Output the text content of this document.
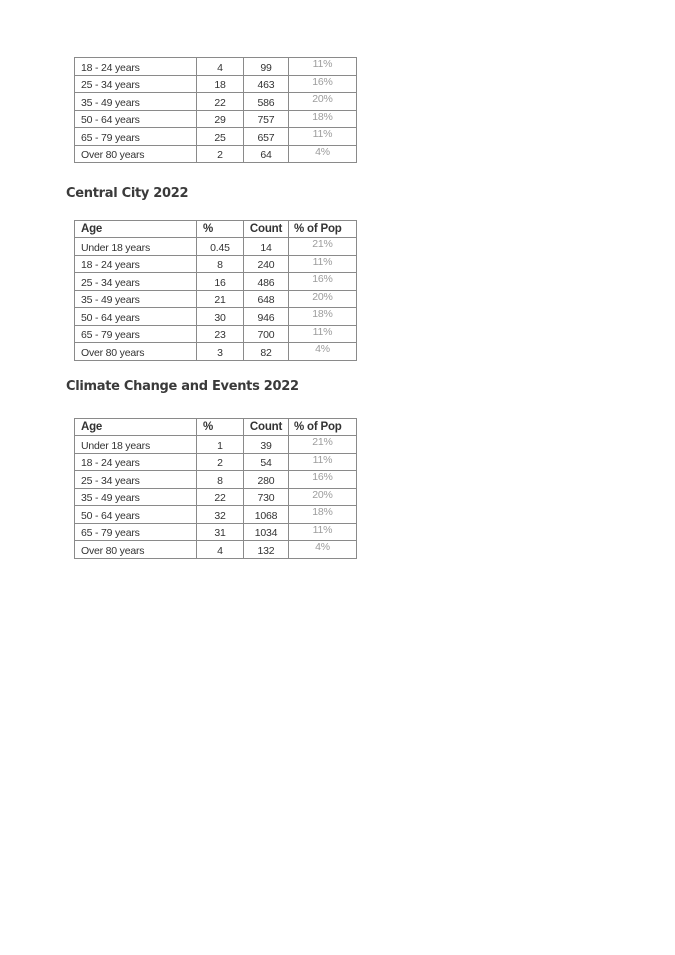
18 - 24 years	4	99	11%
25 - 34 years	18	463	16%
35 - 49 years	22	586	20%
50 - 64 years	29	757	18%
65 - 79 years	25	657	11%
Over 80 years	2	64	4%
Central City 2022
Age	%	Count	% of Pop
Under 18 years	0.45	14	21%
18 - 24 years	8	240	11%
25 - 34 years	16	486	16%
35 - 49 years	21	648	20%
50 - 64 years	30	946	18%
65 - 79 years	23	700	11%
Over 80 years	3	82	4%
Climate Change and Events 2022
Age	%	Count	% of Pop
Under 18 years	1	39	21%
18 - 24 years	2	54	11%
25 - 34 years	8	280	16%
35 - 49 years	22	730	20%
50 - 64 years	32	1068	18%
65 - 79 years	31	1034	11%
Over 80 years	4	132	4%
